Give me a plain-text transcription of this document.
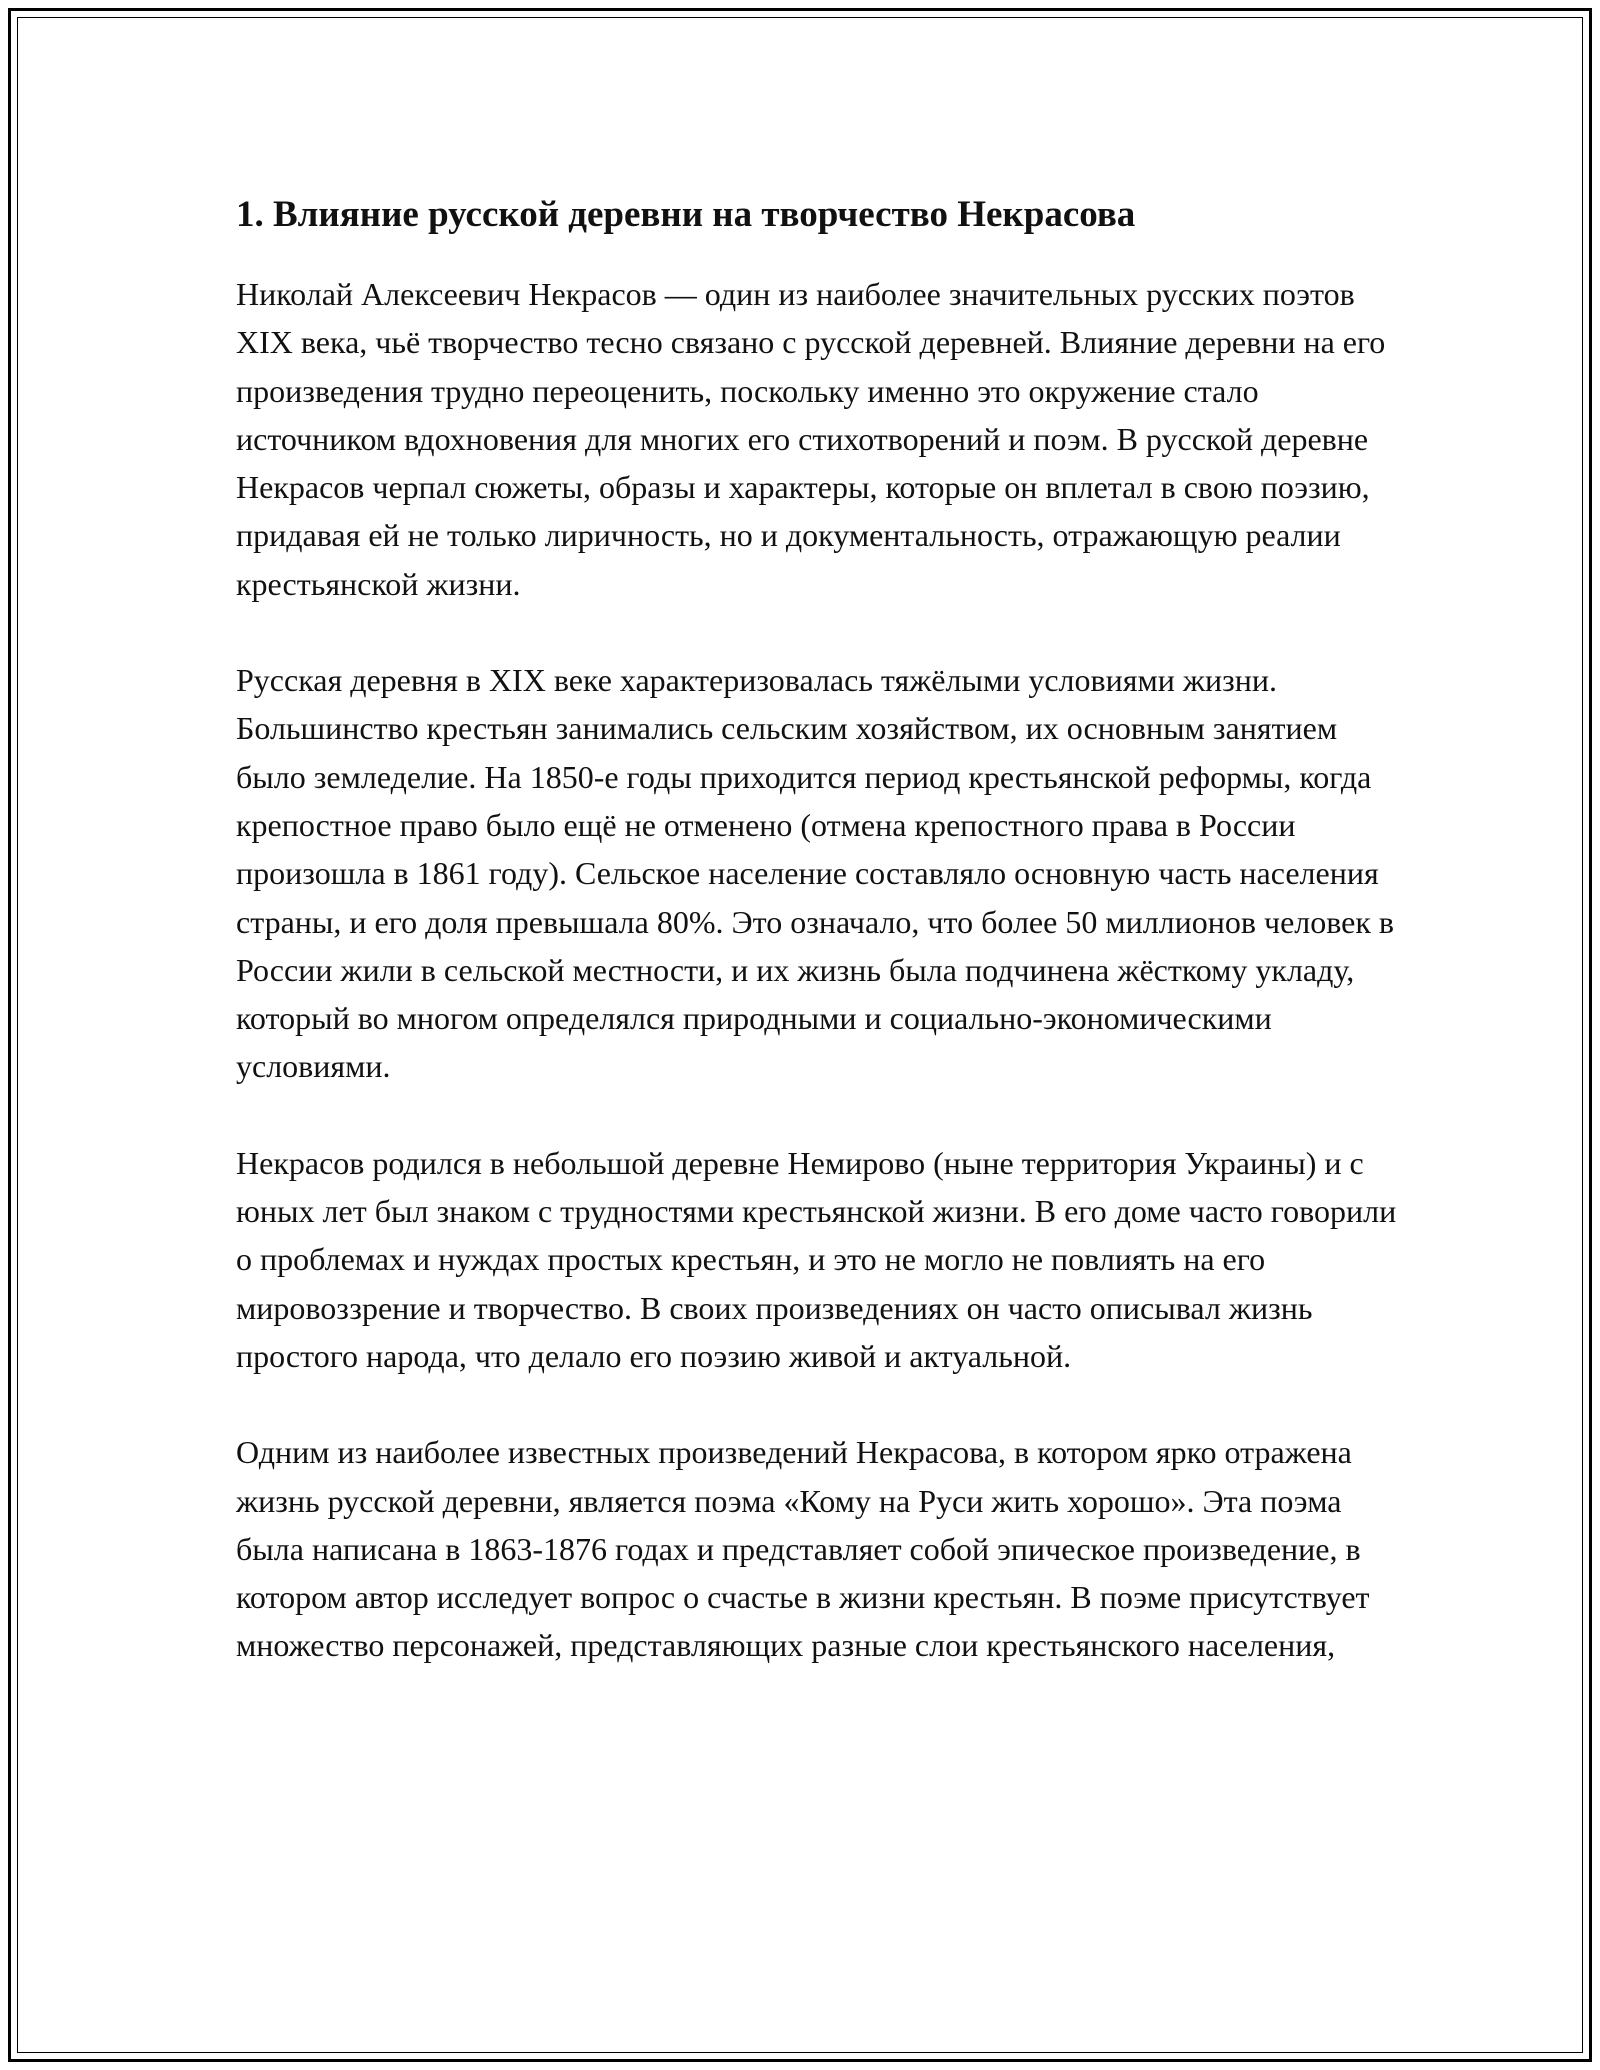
1. Влияние русской деревни на творчество Некрасова

Николай Алексеевич Некрасов — один из наиболее значительных русских поэтов XIX века, чьё творчество тесно связано с русской деревней. Влияние деревни на его произведения трудно переоценить, поскольку именно это окружение стало источником вдохновения для многих его стихотворений и поэм. В русской деревне Некрасов черпал сюжеты, образы и характеры, которые он вплетал в свою поэзию, придавая ей не только лиричность, но и документальность, отражающую реалии крестьянской жизни.

Русская деревня в XIX веке характеризовалась тяжёлыми условиями жизни. Большинство крестьян занимались сельским хозяйством, их основным занятием было земледелие. На 1850-е годы приходится период крестьянской реформы, когда крепостное право было ещё не отменено (отмена крепостного права в России произошла в 1861 году). Сельское население составляло основную часть населения страны, и его доля превышала 80%. Это означало, что более 50 миллионов человек в России жили в сельской местности, и их жизнь была подчинена жёсткому укладу, который во многом определялся природными и социально-экономическими условиями.

Некрасов родился в небольшой деревне Немирово (ныне территория Украины) и с юных лет был знаком с трудностями крестьянской жизни. В его доме часто говорили о проблемах и нуждах простых крестьян, и это не могло не повлиять на его мировоззрение и творчество. В своих произведениях он часто описывал жизнь простого народа, что делало его поэзию живой и актуальной.

Одним из наиболее известных произведений Некрасова, в котором ярко отражена жизнь русской деревни, является поэма «Кому на Руси жить хорошо». Эта поэма была написана в 1863-1876 годах и представляет собой эпическое произведение, в котором автор исследует вопрос о счастье в жизни крестьян. В поэме присутствует множество персонажей, представляющих разные слои крестьянского населения,
